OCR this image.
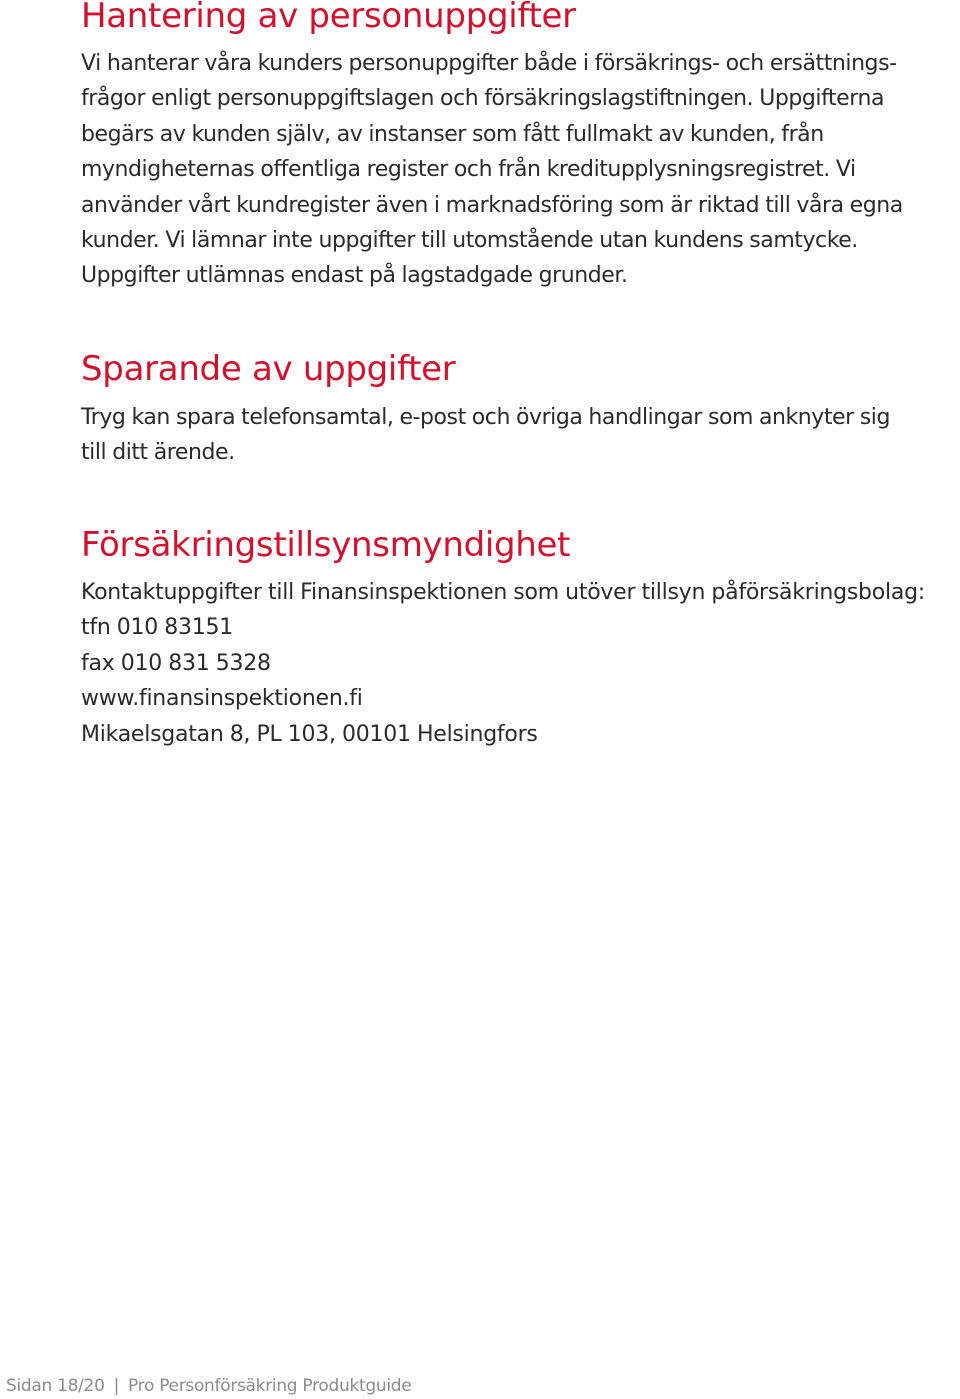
Hantering av personuppgifter
Vi hanterar våra kunders personuppgifter både i försäkrings- och ersättnings-
frågor enligt personuppgiftslagen och försäkringslagstiftningen. Uppgifterna
begärs av kunden själv, av instanser som fått fullmakt av kunden, från
myndigheternas offentliga register och från kreditupplysningsregistret. Vi
använder vårt kundregister även i marknadsföring som är riktad till våra egna
kunder. Vi lämnar inte uppgifter till utomstående utan kundens samtycke.
Uppgifter utlämnas endast på lagstadgade grunder.
Sparande av uppgifter
Tryg kan spara telefonsamtal, e-post och övriga handlingar som anknyter sig
till ditt ärende.
Försäkringstillsynsmyndighet
Kontaktuppgifter till Finansinspektionen som utöver tillsyn påförsäkringsbolag:
tfn 010 83151
fax 010 831 5328
www.finansinspektionen.fi
Mikaelsgatan 8, PL 103, 00101 Helsingfors
Sidan 18/20 | Pro Personförsäkring Produktguide
